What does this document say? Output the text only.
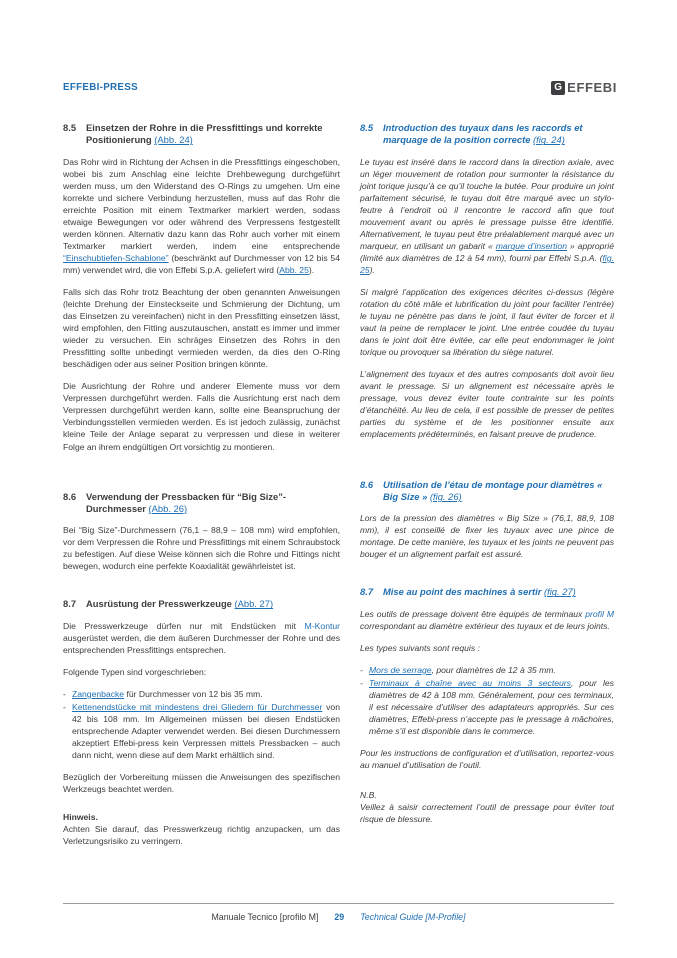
EFFEBI-PRESS	G EFFEBI
8.5	Einsetzen der Rohre in die Pressfittings und korrekte Positionierung (Abb. 24)

Das Rohr wird in Richtung der Achsen in die Pressfittings eingeschoben, wobei bis zum Anschlag eine leichte Drehbewegung durchgeführt werden muss, um den Widerstand des O-Rings zu umgehen. Um eine korrekte und sichere Verbindung herzustellen, muss auf das Rohr die erreichte Position mit einem Textmarker markiert werden, sodass etwaige Bewegungen vor oder während des Verpressens festgestellt werden können. Alternativ dazu kann das Rohr auch vorher mit einem Textmarker markiert werden, indem eine entsprechende “Einschubtiefen-Schablone” (beschränkt auf Durchmesser von 12 bis 54 mm) verwendet wird, die von Effebi S.p.A. geliefert wird (Abb. 25).

Falls sich das Rohr trotz Beachtung der oben genannten Anweisungen (leichte Drehung der Einsteckseite und Schmierung der Dichtung, um das Einsetzen zu vereinfachen) nicht in den Pressfitting einsetzen lässt, wird empfohlen, den Fitting auszutauschen, anstatt es immer und immer wieder zu versuchen. Ein schräges Einsetzen des Rohrs in den Pressfitting sollte unbedingt vermieden werden, da dies den O-Ring beschädigen oder aus seiner Position bringen könnte.

Die Ausrichtung der Rohre und anderer Elemente muss vor dem Verpressen durchgeführt werden. Falls die Ausrichtung erst nach dem Verpressen durchgeführt werden kann, sollte eine Beanspruchung der Verbindungsstellen vermieden werden. Es ist jedoch zulässig, zunächst kleine Teile der Anlage separat zu verpressen und diese in weiterer Folge an ihrem endgültigen Ort vorsichtig zu montieren.

8.6	Verwendung der Pressbacken für “Big Size”-Durchmesser (Abb. 26)

Bei “Big Size”-Durchmessern (76,1 – 88,9 – 108 mm) wird empfohlen, vor dem Verpressen die Rohre und Pressfittings mit einem Schraubstock zu befestigen. Auf diese Weise können sich die Rohre und Fittings nicht bewegen, wodurch eine perfekte Koaxialität gewährleistet ist.

8.7	Ausrüstung der Presswerkzeuge (Abb. 27)

Die Presswerkzeuge dürfen nur mit Endstücken mit M-Kontur ausgerüstet werden, die dem äußeren Durchmesser der Rohre und des entsprechenden Pressfittings entsprechen.

Folgende Typen sind vorgeschrieben:

- Zangenbacke für Durchmesser von 12 bis 35 mm.
- Kettenendstücke mit mindestens drei Gliedern für Durchmesser von 42 bis 108 mm. Im Allgemeinen müssen bei diesen Endstücken entsprechende Adapter verwendet werden. Bei diesen Durchmessern akzeptiert Effebi-press kein Verpressen mittels Pressbacken – auch dann nicht, wenn diese auf dem Markt erhältlich sind.

Bezüglich der Vorbereitung müssen die Anweisungen des spezifischen Werkzeugs beachtet werden.

Hinweis.
Achten Sie darauf, das Presswerkzeug richtig anzupacken, um das Verletzungsrisiko zu verringern.
8.5	Introduction des tuyaux dans les raccords et marquage de la position correcte (fig. 24)

Le tuyau est inséré dans le raccord dans la direction axiale, avec un léger mouvement de rotation pour surmonter la résistance du joint torique jusqu’à ce qu’il touche la butée. Pour produire un joint parfaitement sécurisé, le tuyau doit être marqué avec un stylo-feutre à l’endroit où il rencontre le raccord afin que tout mouvement avant ou après le pressage puisse être identifié. Alternativement, le tuyau peut être préalablement marqué avec un marqueur, en utilisant un gabarit « marque d’insertion » approprié (limité aux diamètres de 12 à 54 mm), fourni par Effebi S.p.A. (fig. 25).

Si malgré l’application des exigences décrites ci-dessus (légère rotation du côté mâle et lubrification du joint pour faciliter l’entrée) le tuyau ne pénètre pas dans le joint, il faut éviter de forcer et il vaut la peine de remplacer le joint. Une entrée coudée du tuyau dans le joint doit être évitée, car elle peut endommager le joint torique ou provoquer sa libération du siège naturel.

L’alignement des tuyaux et des autres composants doit avoir lieu avant le pressage. Si un alignement est nécessaire après le pressage, vous devez éviter toute contrainte sur les points d’étanchéité. Au lieu de cela, il est possible de presser de petites parties du système et de les positionner ensuite aux emplacements prédéterminés, en faisant preuve de prudence.

8.6	Utilisation de l’étau de montage pour diamètres « Big Size » (fig. 26)

Lors de la pression des diamètres « Big Size » (76,1, 88,9, 108 mm), il est conseillé de fixer les tuyaux avec une pince de montage. De cette manière, les tuyaux et les joints ne peuvent pas bouger et un alignement parfait est assuré.

8.7	Mise au point des machines à sertir (fig. 27)

Les outils de pressage doivent être équipés de terminaux profil M correspondant au diamètre extérieur des tuyaux et de leurs joints.

Les types suivants sont requis :

- Mors de serrage, pour diamètres de 12 à 35 mm.
- Terminaux à chaîne avec au moins 3 secteurs, pour les diamètres de 42 à 108 mm. Généralement, pour ces terminaux, il est nécessaire d’utiliser des adaptateurs appropriés. Sur ces diamètres, Effebi-press n’accepte pas le pressage à mâchoires, même s’il est disponible dans le commerce.

Pour les instructions de configuration et d’utilisation, reportez-vous au manuel d’utilisation de l’outil.

N.B.
Veillez à saisir correctement l’outil de pressage pour éviter tout risque de blessure.
Manuale Tecnico [profilo M] 29 Technical Guide [M-Profile]
